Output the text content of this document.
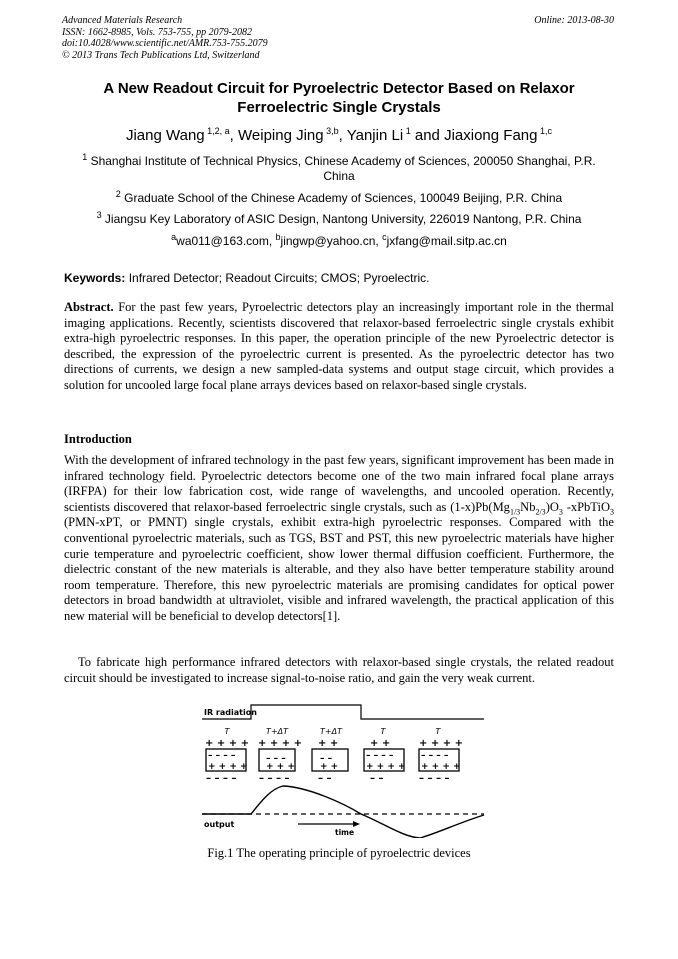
Advanced Materials Research
ISSN: 1662-8985, Vols. 753-755, pp 2079-2082
doi:10.4028/www.scientific.net/AMR.753-755.2079
© 2013 Trans Tech Publications Ltd, Switzerland
Online: 2013-08-30
A New Readout Circuit for Pyroelectric Detector Based on Relaxor
Ferroelectric Single Crystals
Jiang Wang $^{1,2, a}$, Weiping Jing $^{3,b}$, Yanjin Li $^1$ and Jiaxiong Fang $^{1,c}$
$^1$ Shanghai Institute of Technical Physics, Chinese Academy of Sciences, 200050 Shanghai, P.R. China
$^2$ Graduate School of the Chinese Academy of Sciences, 100049 Beijing, P.R. China
$^3$ Jiangsu Key Laboratory of ASIC Design, Nantong University, 226019 Nantong, P.R. China
$^a$wa011@163.com, $^b$jingwp@yahoo.cn, $^c$jxfang@mail.sitp.ac.cn
Keywords: Infrared Detector; Readout Circuits; CMOS; Pyroelectric.
Abstract. For the past few years, Pyroelectric detectors play an increasingly important role in the thermal imaging applications. Recently, scientists discovered that relaxor-based ferroelectric single crystals exhibit extra-high pyroelectric responses. In this paper, the operation principle of the new Pyroelectric detector is described, the expression of the pyroelectric current is presented. As the pyroelectric detector has two directions of currents, we design a new sampled-data systems and output stage circuit, which provides a solution for uncooled large focal plane arrays devices based on relaxor-based single crystals.
Introduction
With the development of infrared technology in the past few years, significant improvement has been made in infrared technology field. Pyroelectric detectors become one of the two main infrared focal plane arrays (IRFPA) for their low fabrication cost, wide range of wavelengths, and uncooled operation. Recently, scientists discovered that relaxor-based ferroelectric single crystals, such as $(1-x)Pb(Mg_{1/3}Nb_{2/3})O_3$ -xPbTiO$_3$ (PMN-xPT, or PMNT) single crystals, exhibit extra-high pyroelectric responses. Compared with the conventional pyroelectric materials, such as TGS, BST and PST, this new pyroelectric materials have higher curie temperature and pyroelectric coefficient, show lower thermal diffusion coefficient. Furthermore, the dielectric constant of the new materials is alterable, and they also have better temperature stability around room temperature. Therefore, this new pyroelectric materials are promising candidates for optical power detectors in broad bandwidth at ultraviolet, visible and infrared wavelength, the practical application of this new material will be beneficial to develop detectors[1].
To fabricate high performance infrared detectors with relaxor-based single crystals, the related readout circuit should be investigated to increase signal-to-noise ratio, and gain the very weak current.
IR radiation
T	T+ΔT	T+ΔT	T	T
+ + + +
– – – –
+ + + +
– – – –
+ + + +
– – –
+ + +
– – – –
+ +
– –
+ +
– –
+ +
– – – –
+ + + +
– –
+ + + +
– – – –
+ + + +
– – – –
output
time
Fig.1 The operating principle of pyroelectric devices
